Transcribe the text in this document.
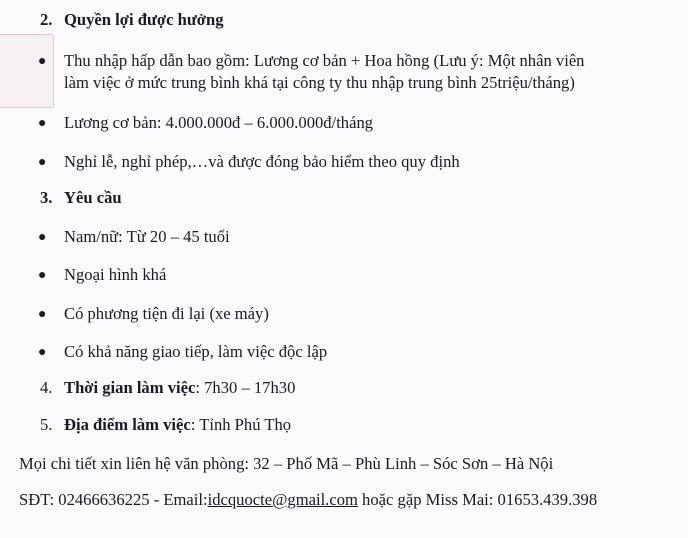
2. Quyền lợi được hưởng
● Thu nhập hấp dẫn bao gồm: Lương cơ bản + Hoa hồng (Lưu ý: Một nhân viên
làm việc ở mức trung bình khá tại công ty thu nhập trung bình 25triệu/tháng)
● Lương cơ bản: 4.000.000đ – 6.000.000đ/tháng
● Nghỉ lễ, nghỉ phép,…và được đóng bảo hiểm theo quy định
3. Yêu cầu
● Nam/nữ: Từ 20 – 45 tuổi
● Ngoại hình khá
● Có phương tiện đi lại (xe máy)
● Có khả năng giao tiếp, làm việc độc lập
4. Thời gian làm việc: 7h30 – 17h30
5. Địa điểm làm việc: Tỉnh Phú Thọ
Mọi chi tiết xin liên hệ văn phòng: 32 – Phố Mã – Phù Linh – Sóc Sơn – Hà Nội
SĐT: 02466636225 - Email:idcquocte@gmail.com hoặc gặp Miss Mai: 01653.439.398
